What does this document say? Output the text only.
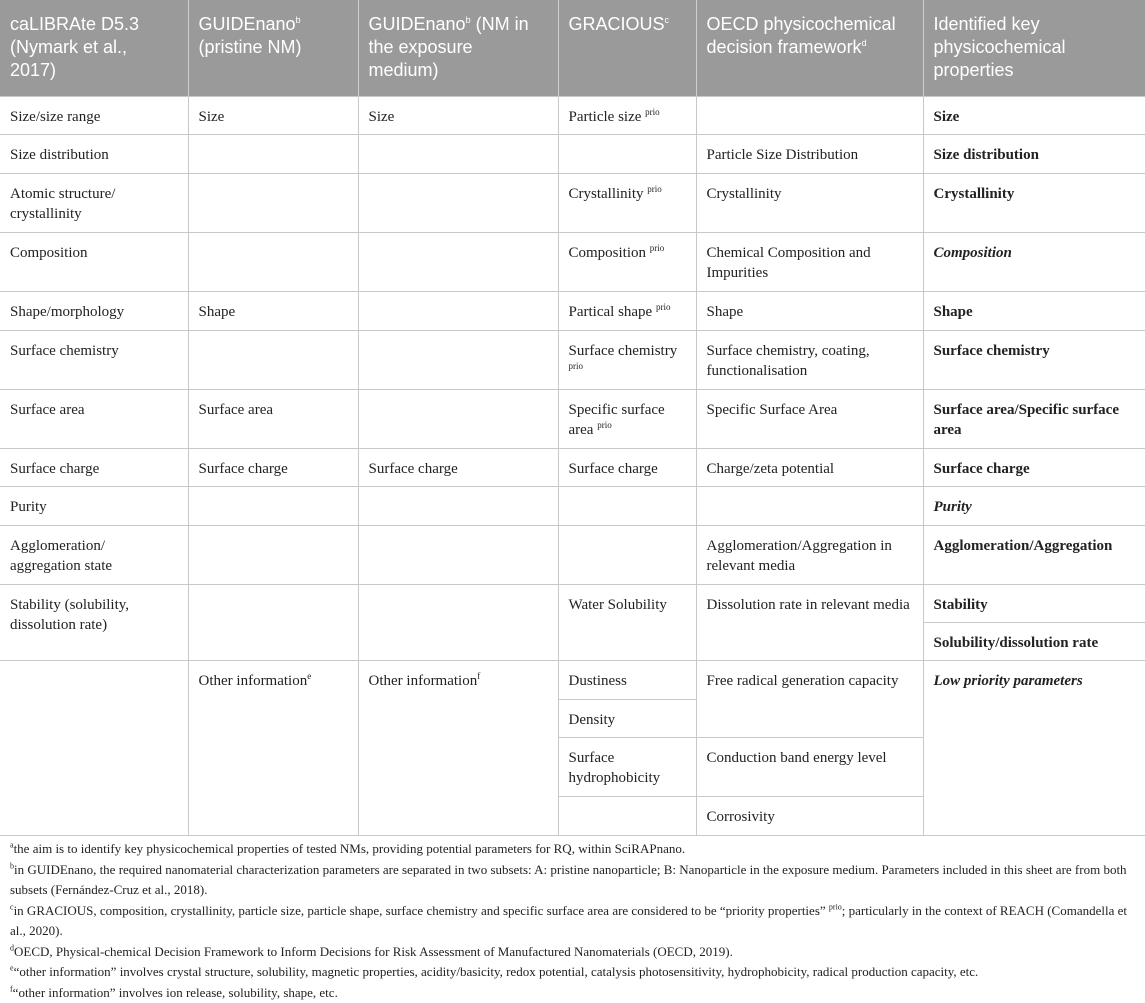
caLIBRAte D5.3 (Nymark et al., 2017)	GUIDEnano$^b$ (pristine NM)	GUIDEnano$^b$ (NM in the exposure medium)	GRACIOUS$^c$	OECD physicochemical decision framework$^d$	Identified key physicochemical properties
Size/size range	Size	Size	Particle size $^{prio}$		Size
Size distribution				Particle Size Distribution	Size distribution
Atomic structure/ crystallinity			Crystallinity $^{prio}$	Crystallinity	Crystallinity
Composition			Composition $^{prio}$	Chemical Composition and Impurities	Composition
Shape/morphology	Shape		Partical shape $^{prio}$	Shape	Shape
Surface chemistry			Surface chemistry $^{prio}$	Surface chemistry, coating, functionalisation	Surface chemistry
Surface area	Surface area		Specific surface area $^{prio}$	Specific Surface Area	Surface area/Specific surface area
Surface charge	Surface charge	Surface charge	Surface charge	Charge/zeta potential	Surface charge
Purity					Purity
Agglomeration/ aggregation state				Agglomeration/Aggregation in relevant media	Agglomeration/Aggregation
Stability (solubility, dissolution rate)			Water Solubility	Dissolution rate in relevant media	Stability
					Solubility/dissolution rate
	Other information$^e$	Other information$^f$	Dustiness	Free radical generation capacity	Low priority parameters
			Density		
			Surface hydrophobicity	Conduction band energy level	

				Corrosivity	
$^a$the aim is to identify key physicochemical properties of tested NMs, providing potential parameters for RQ, within SciRAPnano.
$^b$in GUIDEnano, the required nanomaterial characterization parameters are separated in two subsets: A: pristine nanoparticle; B: Nanoparticle in the exposure medium. Parameters included in this sheet are from both subsets (Fernández-Cruz et al., 2018).
$^c$in GRACIOUS, composition, crystallinity, particle size, particle shape, surface chemistry and specific surface area are considered to be “priority properties” $^{prio}$; particularly in the context of REACH (Comandella et al., 2020).
$^d$OECD, Physical-chemical Decision Framework to Inform Decisions for Risk Assessment of Manufactured Nanomaterials (OECD, 2019).
$^e$“other information” involves crystal structure, solubility, magnetic properties, acidity/basicity, redox potential, catalysis photosensitivity, hydrophobicity, radical production capacity, etc.
$^f$“other information” involves ion release, solubility, shape, etc.
